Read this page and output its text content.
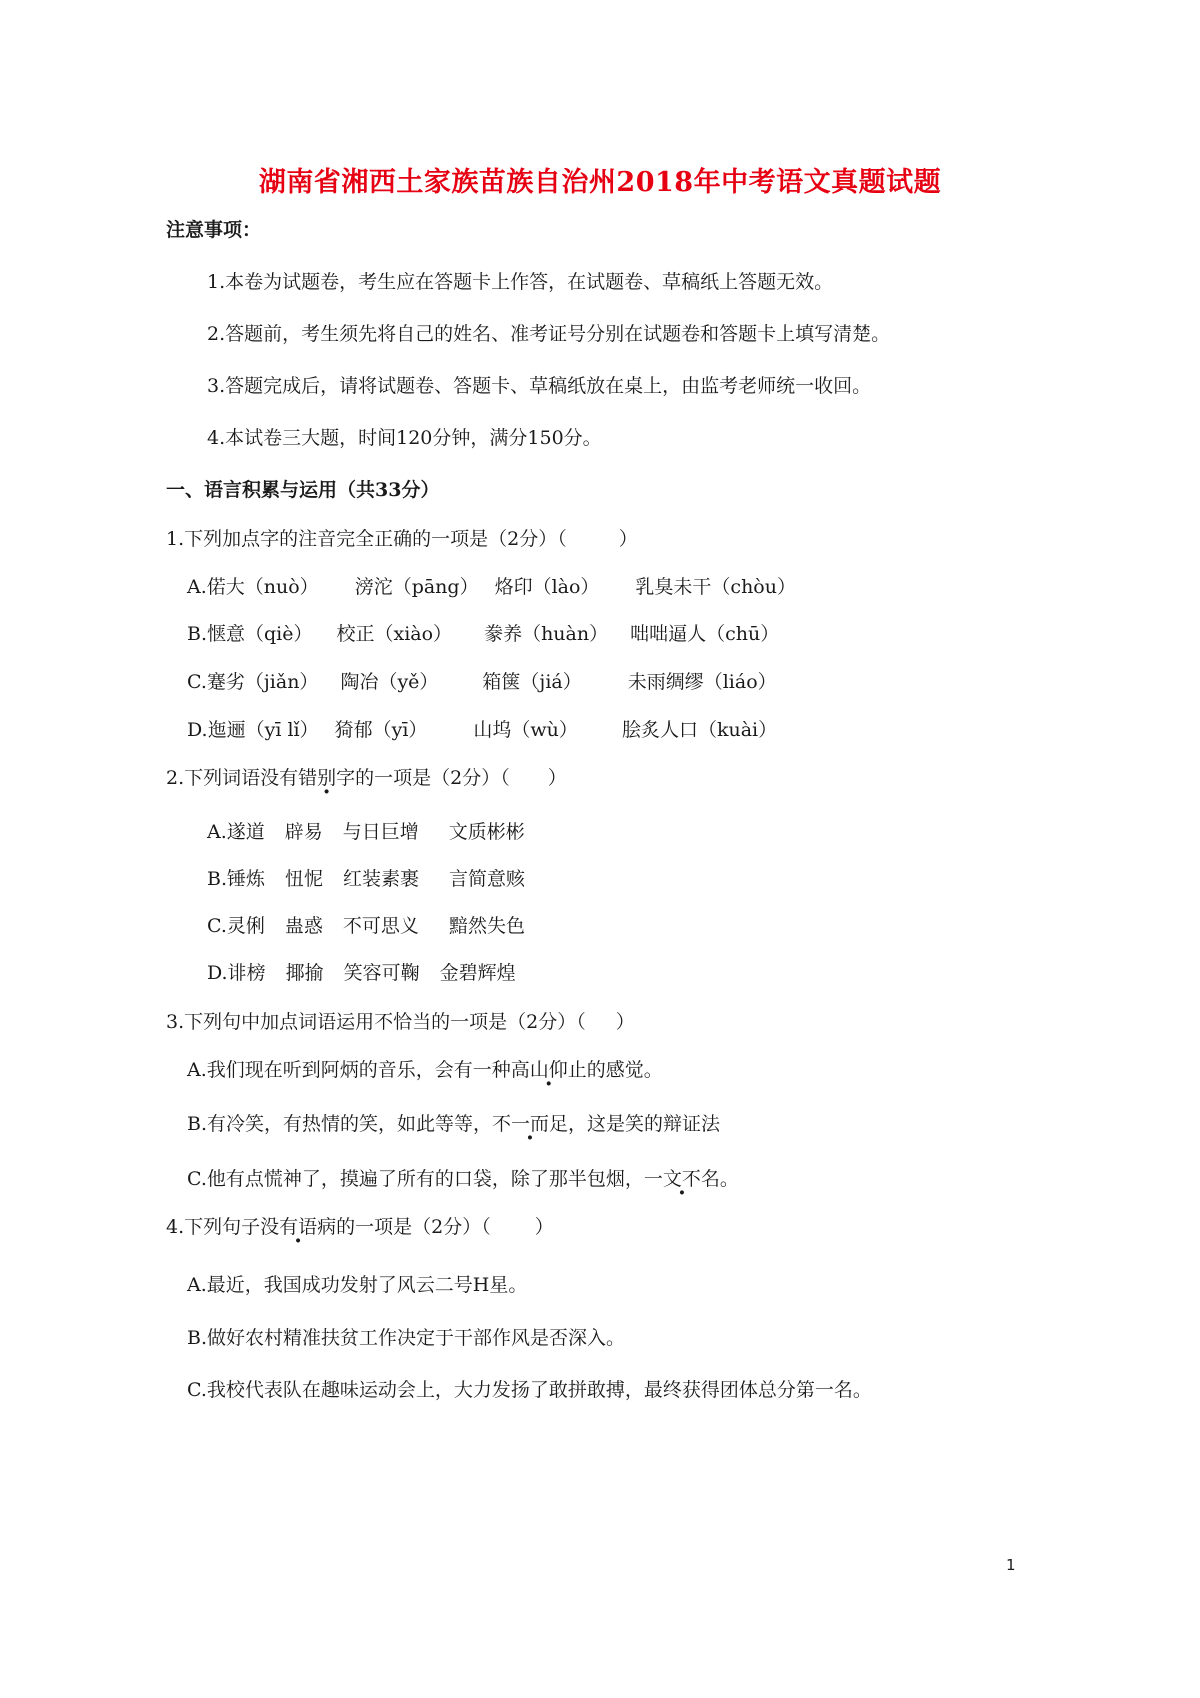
湖南省湘西土家族苗族自治州2018年中考语文真题试题
注意事项：
1.本卷为试题卷，考生应在答题卡上作答，在试题卷、草稿纸上答题无效。
2.答题前，考生须先将自己的姓名、准考证号分别在试题卷和答题卡上填写清楚。
3.答题完成后，请将试题卷、答题卡、草稿纸放在桌上，由监考老师统一收回。
4.本试卷三大题，时间120分钟，满分150分。
一、语言积累与运用（共33分）
1.下列加点字的注音完全正确的一项是（2分）（	）
A.偌大（nuò） 滂沱（pāng） 烙印（lào） 乳臭未干（chòu）
B.惬意（qiè） 校正（xiào） 豢养（huàn） 咄咄逼人（chū）
C.蹇劣（jiǎn） 陶冶（yě） 箱箧（jiá） 未雨绸缪（liáo）
D.迤逦（yī lǐ） 猗郁（yī） 山坞（wù） 脍炙人口（kuài）
2.下列词语没有错别字的一项是（2分）（ ）
A.遂道 辟易 与日巨增 文质彬彬
B.锤炼 忸怩 红装素裹 言简意赅
C.灵俐 蛊惑 不可思义 黯然失色
D.诽榜 揶揄 笑容可鞠 金碧辉煌
3.下列句中加点词语运用不恰当的一项是（2分）（ ）
A.我们现在听到阿炳的音乐，会有一种高山仰止的感觉。
B.有冷笑，有热情的笑，如此等等，不一而足，这是笑的辩证法
C.他有点慌神了，摸遍了所有的口袋，除了那半包烟，一文不名。
4.下列句子没有语病的一项是（2分）（ ）
A.最近，我国成功发射了风云二号H星。
B.做好农村精准扶贫工作决定于干部作风是否深入。
C.我校代表队在趣味运动会上，大力发扬了敢拼敢搏，最终获得团体总分第一名。
1
